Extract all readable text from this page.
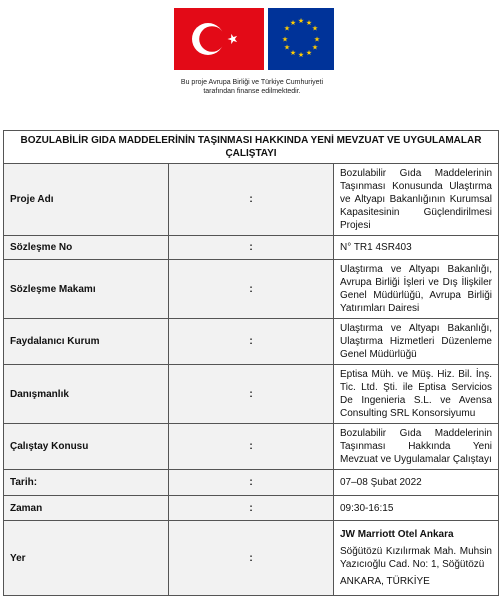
★ ★
★
★
★
★
★
★
★
★
★
★
Bu proje Avrupa Birliği ve Türkiye Cumhuriyeti
tarafından finanse edilmektedir.
BOZULABİLİR GIDA MADDELERİNİN TAŞINMASI HAKKINDA YENİ MEVZUAT VE UYGULAMALAR ÇALIŞTAYI		
Proje Adı	:	Bozulabilir Gıda Maddelerinin Taşınması Konusunda Ulaştırma ve Altyapı Bakanlığının Kurumsal Kapasitesinin Güçlendirilmesi Projesi
Sözleşme No	:	N° TR1 4SR403
Sözleşme Makamı	:	Ulaştırma ve Altyapı Bakanlığı, Avrupa Birliği İşleri ve Dış İlişkiler Genel Müdürlüğü, Avrupa Birliği Yatırımları Dairesi
Faydalanıcı Kurum	:	Ulaştırma ve Altyapı Bakanlığı, Ulaştırma Hizmetleri Düzenleme Genel Müdürlüğü
Danışmanlık	:	Eptisa Müh. ve Müş. Hiz. Bil. İnş. Tic. Ltd. Şti. ile Eptisa Servicios De Ingenieria S.L. ve Avensa Consulting SRL Konsorsiyumu
Çalıştay Konusu	:	Bozulabilir Gıda Maddelerinin Taşınması Hakkında Yeni Mevzuat ve Uygulamalar Çalıştayı
Tarih:	:	07–08 Şubat 2022
Zaman	:	09:30-16:15
Yer	:	JW Marriott Otel Ankara
Söğütözü Kızılırmak Mah. Muhsin Yazıcıoğlu Cad. No: 1, Söğütözü
ANKARA, TÜRKİYE
